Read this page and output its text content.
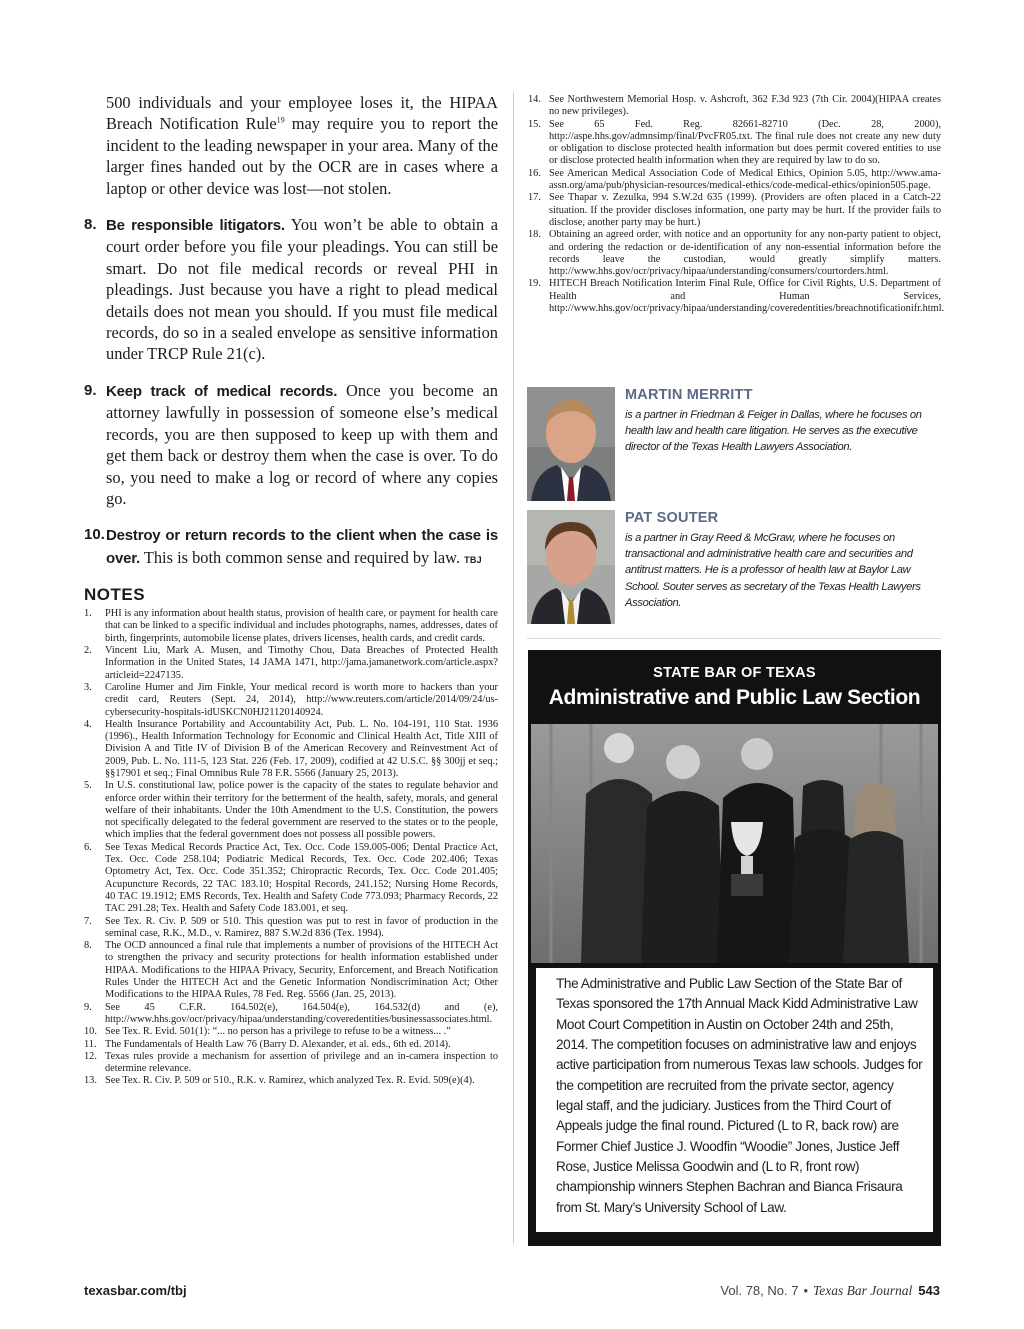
500 individuals and your employee loses it, the HIPAA Breach Notification Rule$^{19}$ may require you to report the incident to the leading newspaper in your area. Many of the larger fines handed out by the OCR are in cases where a laptop or other device was lost—not stolen.

8. Be responsible litigators. You won’t be able to obtain a court order before you file your pleadings. You can still be smart. Do not file medical records or reveal PHI in pleadings. Just because you have a right to plead medical details does not mean you should. If you must file medical records, do so in a sealed envelope as sensitive information under TRCP Rule 21(c).

9. Keep track of medical records. Once you become an attorney lawfully in possession of someone else’s medical records, you are then supposed to keep up with them and get them back or destroy them when the case is over. To do so, you need to make a log or record of where any copies go.

10. Destroy or return records to the client when the case is over. This is both common sense and required by law. TBJ

NOTES
1. PHI is any information about health status, provision of health care, or payment for health care that can be linked to a specific individual and includes photographs, names, addresses, dates of birth, fingerprints, automobile license plates, drivers licenses, health cards, and credit cards.
2. Vincent Liu, Mark A. Musen, and Timothy Chou, Data Breaches of Protected Health Information in the United States, 14 JAMA 1471, http://jama.jamanetwork.com/article.aspx?articleid=2247135.
3. Caroline Humer and Jim Finkle, Your medical record is worth more to hackers than your credit card, Reuters (Sept. 24, 2014), http://www.reuters.com/article/2014/09/24/us-cybersecurity-hospitals-idUSKCN0HJ21120140924.
4. Health Insurance Portability and Accountability Act, Pub. L. No. 104-191, 110 Stat. 1936 (1996)., Health Information Technology for Economic and Clinical Health Act, Title XIII of Division A and Title IV of Division B of the American Recovery and Reinvestment Act of 2009, Pub. L. No. 111-5, 123 Stat. 226 (Feb. 17, 2009), codified at 42 U.S.C. §§ 300jj et seq.; §§17901 et seq.; Final Omnibus Rule 78 F.R. 5566 (January 25, 2013).
5. In U.S. constitutional law, police power is the capacity of the states to regulate behavior and enforce order within their territory for the betterment of the health, safety, morals, and general welfare of their inhabitants. Under the 10th Amendment to the U.S. Constitution, the powers not specifically delegated to the federal government are reserved to the states or to the people, which implies that the federal government does not possess all possible powers.
6. See Texas Medical Records Practice Act, Tex. Occ. Code 159.005-006; Dental Practice Act, Tex. Occ. Code 258.104; Podiatric Medical Records, Tex. Occ. Code 202.406; Texas Optometry Act, Tex. Occ. Code 351.352; Chiropractic Records, Tex. Occ. Code 201.405; Acupuncture Records, 22 TAC 183.10; Hospital Records, 241.152; Nursing Home Records, 40 TAC 19.1912; EMS Records, Tex. Health and Safety Code 773.093; Pharmacy Records, 22 TAC 291.28; Tex. Health and Safety Code 183.001, et seq.
7. See Tex. R. Civ. P. 509 or 510. This question was put to rest in favor of production in the seminal case, R.K., M.D., v. Ramirez, 887 S.W.2d 836 (Tex. 1994).
8. The OCD announced a final rule that implements a number of provisions of the HITECH Act to strengthen the privacy and security protections for health information established under HIPAA. Modifications to the HIPAA Privacy, Security, Enforcement, and Breach Notification Rules Under the HITECH Act and the Genetic Information Nondiscrimination Act; Other Modifications to the HIPAA Rules, 78 Fed. Reg. 5566 (Jan. 25, 2013).
9. See 45 C.F.R. 164.502(e), 164.504(e), 164.532(d) and (e), http://www.hhs.gov/ocr/privacy/hipaa/understanding/coveredentities/businessassociates.html.
10. See Tex. R. Evid. 501(1): “... no person has a privilege to refuse to be a witness... .”
11. The Fundamentals of Health Law 76 (Barry D. Alexander, et al. eds., 6th ed. 2014).
12. Texas rules provide a mechanism for assertion of privilege and an in-camera inspection to determine relevance.
13. See Tex. R. Civ. P. 509 or 510., R.K. v. Ramirez, which analyzed Tex. R. Evid. 509(e)(4).
14. See Northwestern Memorial Hosp. v. Ashcroft, 362 F.3d 923 (7th Cir. 2004)(HIPAA creates no new privileges).
15. See 65 Fed. Reg. 82661-82710 (Dec. 28, 2000), http://aspe.hhs.gov/admnsimp/final/PvcFR05.txt. The final rule does not create any new duty or obligation to disclose protected health information but does permit covered entities to use or disclose protected health information when they are required by law to do so.
16. See American Medical Association Code of Medical Ethics, Opinion 5.05, http://www.ama-assn.org/ama/pub/physician-resources/medical-ethics/code-medical-ethics/opinion505.page.
17. See Thapar v. Zezulka, 994 S.W.2d 635 (1999). (Providers are often placed in a Catch-22 situation. If the provider discloses information, one party may be hurt. If the provider fails to disclose, another party may be hurt.)
18. Obtaining an agreed order, with notice and an opportunity for any non-party patient to object, and ordering the redaction or de-identification of any non-essential information before the records leave the custodian, would greatly simplify matters. http://www.hhs.gov/ocr/privacy/hipaa/understanding/consumers/courtorders.html.
19. HITECH Breach Notification Interim Final Rule, Office for Civil Rights, U.S. Department of Health and Human Services, http://www.hhs.gov/ocr/privacy/hipaa/understanding/coveredentities/breachnotificationifr.html.
MARTIN MERRITT

is a partner in Friedman & Feiger in Dallas, where he focuses on health law and health care litigation. He serves as the executive director of the Texas Health Lawyers Association.

PAT SOUTER

is a partner in Gray Reed & McGraw, where he focuses on transactional and administrative health care and securities and antitrust matters. He is a professor of health law at Baylor Law School. Souter serves as secretary of the Texas Health Lawyers Association.

STATE BAR OF TEXAS
Administrative and Public Law Section

The Administrative and Public Law Section of the State Bar of Texas sponsored the 17th Annual Mack Kidd Administrative Law Moot Court Competition in Austin on October 24th and 25th, 2014. The competition focuses on administrative law and enjoys active participation from numerous Texas law schools. Judges for the competition are recruited from the private sector, agency legal staff, and the judiciary. Justices from the Third Court of Appeals judge the final round. Pictured (L to R, back row) are Former Chief Justice J. Woodfin “Woodie” Jones, Justice Jeff Rose, Justice Melissa Goodwin and (L to R, front row) championship winners Stephen Bachran and Bianca Frisaura from St. Mary’s University School of Law.

texasbar.com/tbj	Vol. 78, No. 7 • Texas Bar Journal 543
